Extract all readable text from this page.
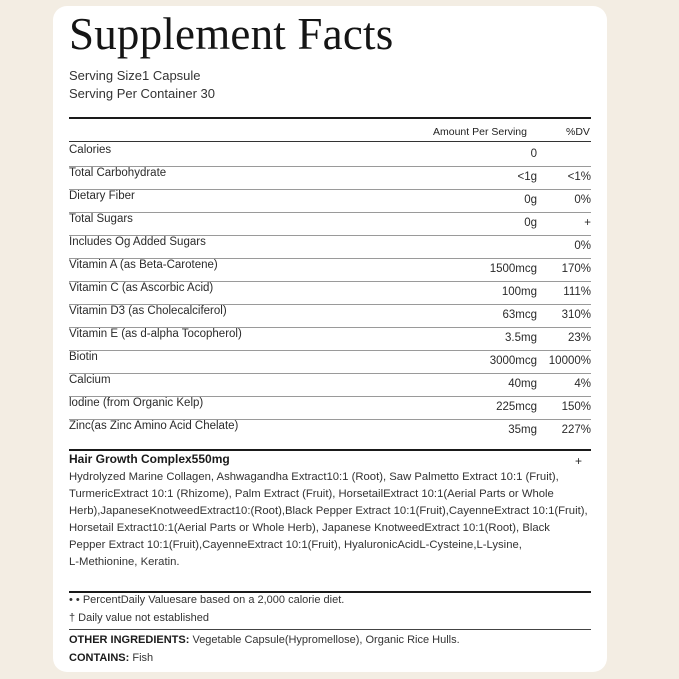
Supplement Facts
Serving Size1 Capsule
Serving Per Container 30
Amount Per Serving	%DV
Calories	0
Total Carbohydrate	<1g	<1%
Dietary Fiber	0g	0%
Total Sugars	0g	+
Includes Og Added Sugars	0%
Vitamin A (as Beta-Carotene)	1500mcg 170%
Vitamin C (as Ascorbic Acid)	100mg 111%
Vitamin D3 (as Cholecalciferol)	63mcg 310%
Vitamin E (as d-alpha Tocopherol)	3.5mg	23%
Biotin	3000mcg 10000%
Calcium	40mg	4%
lodine (from Organic Kelp)	225mcg 150%
Zinc(as Zinc Amino Acid Chelate)	35mg 227%
Hair Growth Complex550mg	+
Hydrolyzed Marine Collagen, Ashwagandha Extract10:1 (Root), Saw Palmetto Extract 10:1 (Fruit),
TurmericExtract 10:1 (Rhizome), Palm Extract (Fruit), HorsetailExtract 10:1(Aerial Parts or Whole
Herb),JapaneseKnotweedExtract10:(Root),Black Pepper Extract 10:1(Fruit),CayenneExtract 10:1(Fruit),
Horsetail Extract10:1(Aerial Parts or Whole Herb), Japanese KnotweedExtract 10:1(Root), Black
Pepper Extract 10:1(Fruit),CayenneExtract 10:1(Fruit), HyaluronicAcidL-Cysteine,L-Lysine,
L-Methionine, Keratin.
• • PercentDaily Valuesare based on a 2,000 calorie diet.
† Daily value not established
OTHER INGREDIENTS: Vegetable Capsule(Hypromellose), Organic Rice Hulls.
CONTAINS: Fish
